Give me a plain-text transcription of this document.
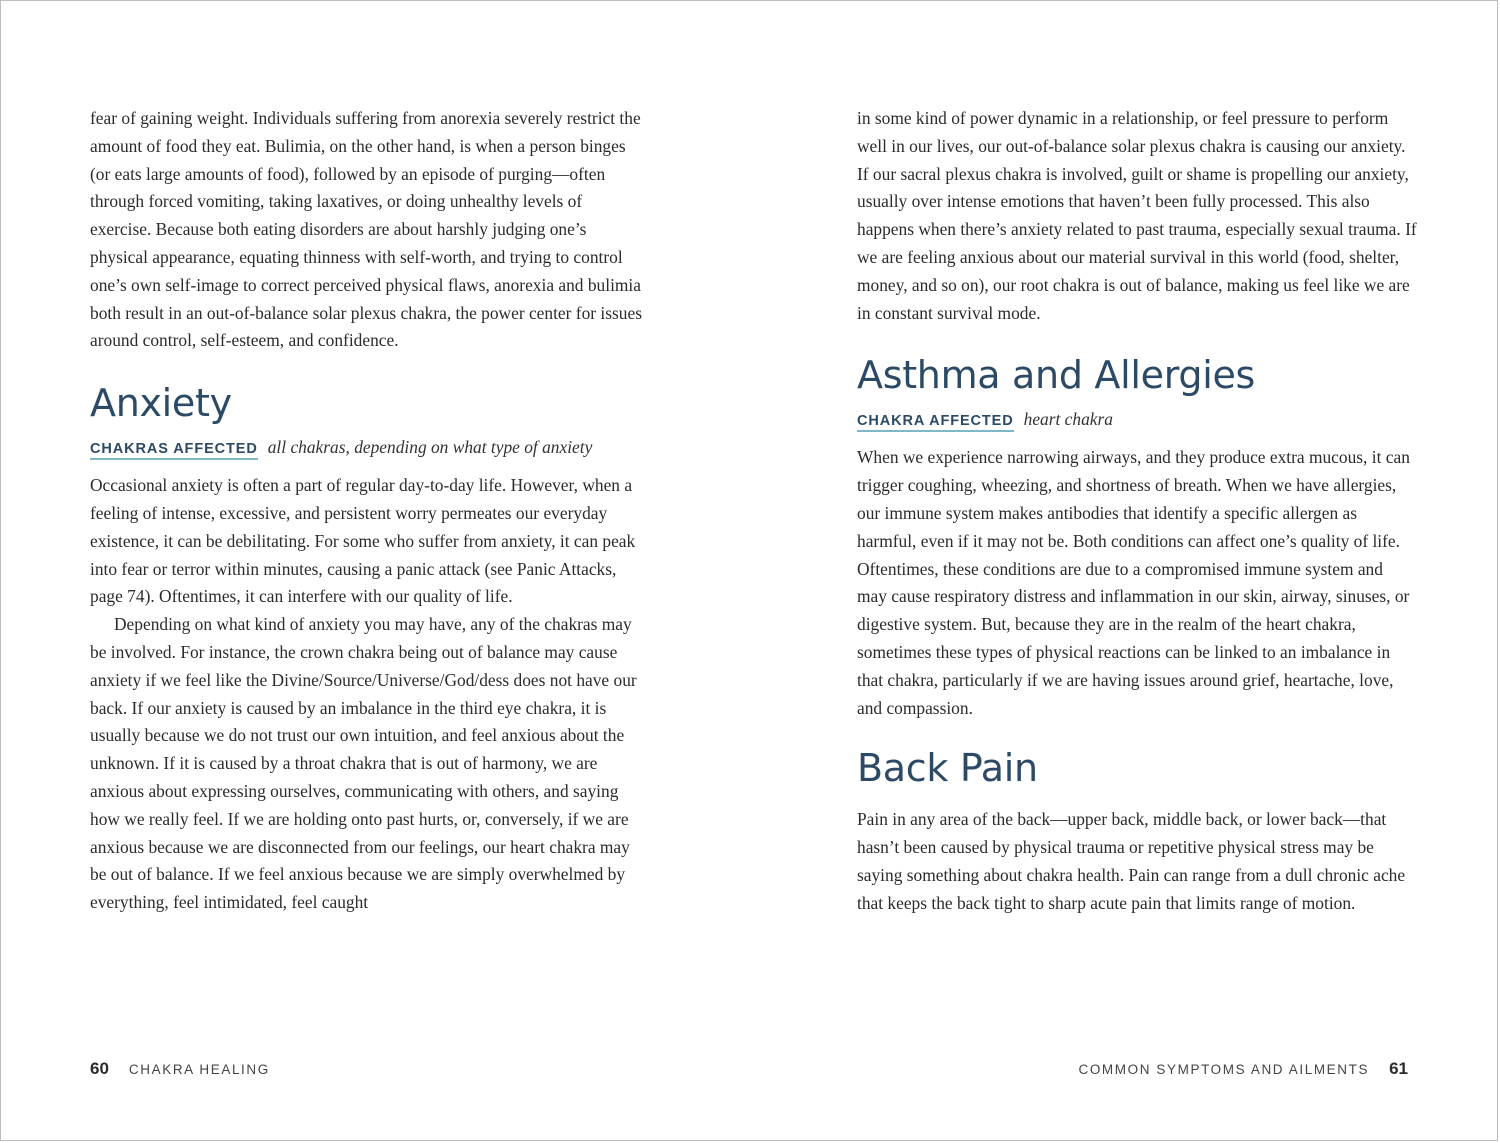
fear of gaining weight. Individuals suffering from anorexia severely restrict the amount of food they eat. Bulimia, on the other hand, is when a person binges (or eats large amounts of food), followed by an episode of purging—often through forced vomiting, taking laxatives, or doing unhealthy levels of exercise. Because both eating disorders are about harshly judging one’s physical appearance, equating thinness with self-worth, and trying to control one’s own self-image to correct perceived physical flaws, anorexia and bulimia both result in an out-of-balance solar plexus chakra, the power center for issues around control, self-esteem, and confidence.

Anxiety
CHAKRAS AFFECTED all chakras, depending on what type of anxiety

Occasional anxiety is often a part of regular day-to-day life. However, when a feeling of intense, excessive, and persistent worry permeates our everyday existence, it can be debilitating. For some who suffer from anxiety, it can peak into fear or terror within minutes, causing a panic attack (see Panic Attacks, page 74). Oftentimes, it can interfere with our quality of life.

Depending on what kind of anxiety you may have, any of the chakras may be involved. For instance, the crown chakra being out of balance may cause anxiety if we feel like the Divine/Source/Universe/God/dess does not have our back. If our anxiety is caused by an imbalance in the third eye chakra, it is usually because we do not trust our own intuition, and feel anxious about the unknown. If it is caused by a throat chakra that is out of harmony, we are anxious about expressing ourselves, communicating with others, and saying how we really feel. If we are holding onto past hurts, or, conversely, if we are anxious because we are disconnected from our feelings, our heart chakra may be out of balance. If we feel anxious because we are simply overwhelmed by everything, feel intimidated, feel caught

60 CHAKRA HEALING

in some kind of power dynamic in a relationship, or feel pressure to perform well in our lives, our out-of-balance solar plexus chakra is causing our anxiety. If our sacral plexus chakra is involved, guilt or shame is propelling our anxiety, usually over intense emotions that haven’t been fully processed. This also happens when there’s anxiety related to past trauma, especially sexual trauma. If we are feeling anxious about our material survival in this world (food, shelter, money, and so on), our root chakra is out of balance, making us feel like we are in constant survival mode.

Asthma and Allergies
CHAKRA AFFECTED heart chakra

When we experience narrowing airways, and they produce extra mucous, it can trigger coughing, wheezing, and shortness of breath. When we have allergies, our immune system makes antibodies that identify a specific allergen as harmful, even if it may not be. Both conditions can affect one’s quality of life. Oftentimes, these conditions are due to a compromised immune system and may cause respiratory distress and inflammation in our skin, airway, sinuses, or digestive system. But, because they are in the realm of the heart chakra, sometimes these types of physical reactions can be linked to an imbalance in that chakra, particularly if we are having issues around grief, heartache, love, and compassion.

Back Pain

Pain in any area of the back—upper back, middle back, or lower back—that hasn’t been caused by physical trauma or repetitive physical stress may be saying something about chakra health. Pain can range from a dull chronic ache that keeps the back tight to sharp acute pain that limits range of motion.

COMMON SYMPTOMS AND AILMENTS 61
